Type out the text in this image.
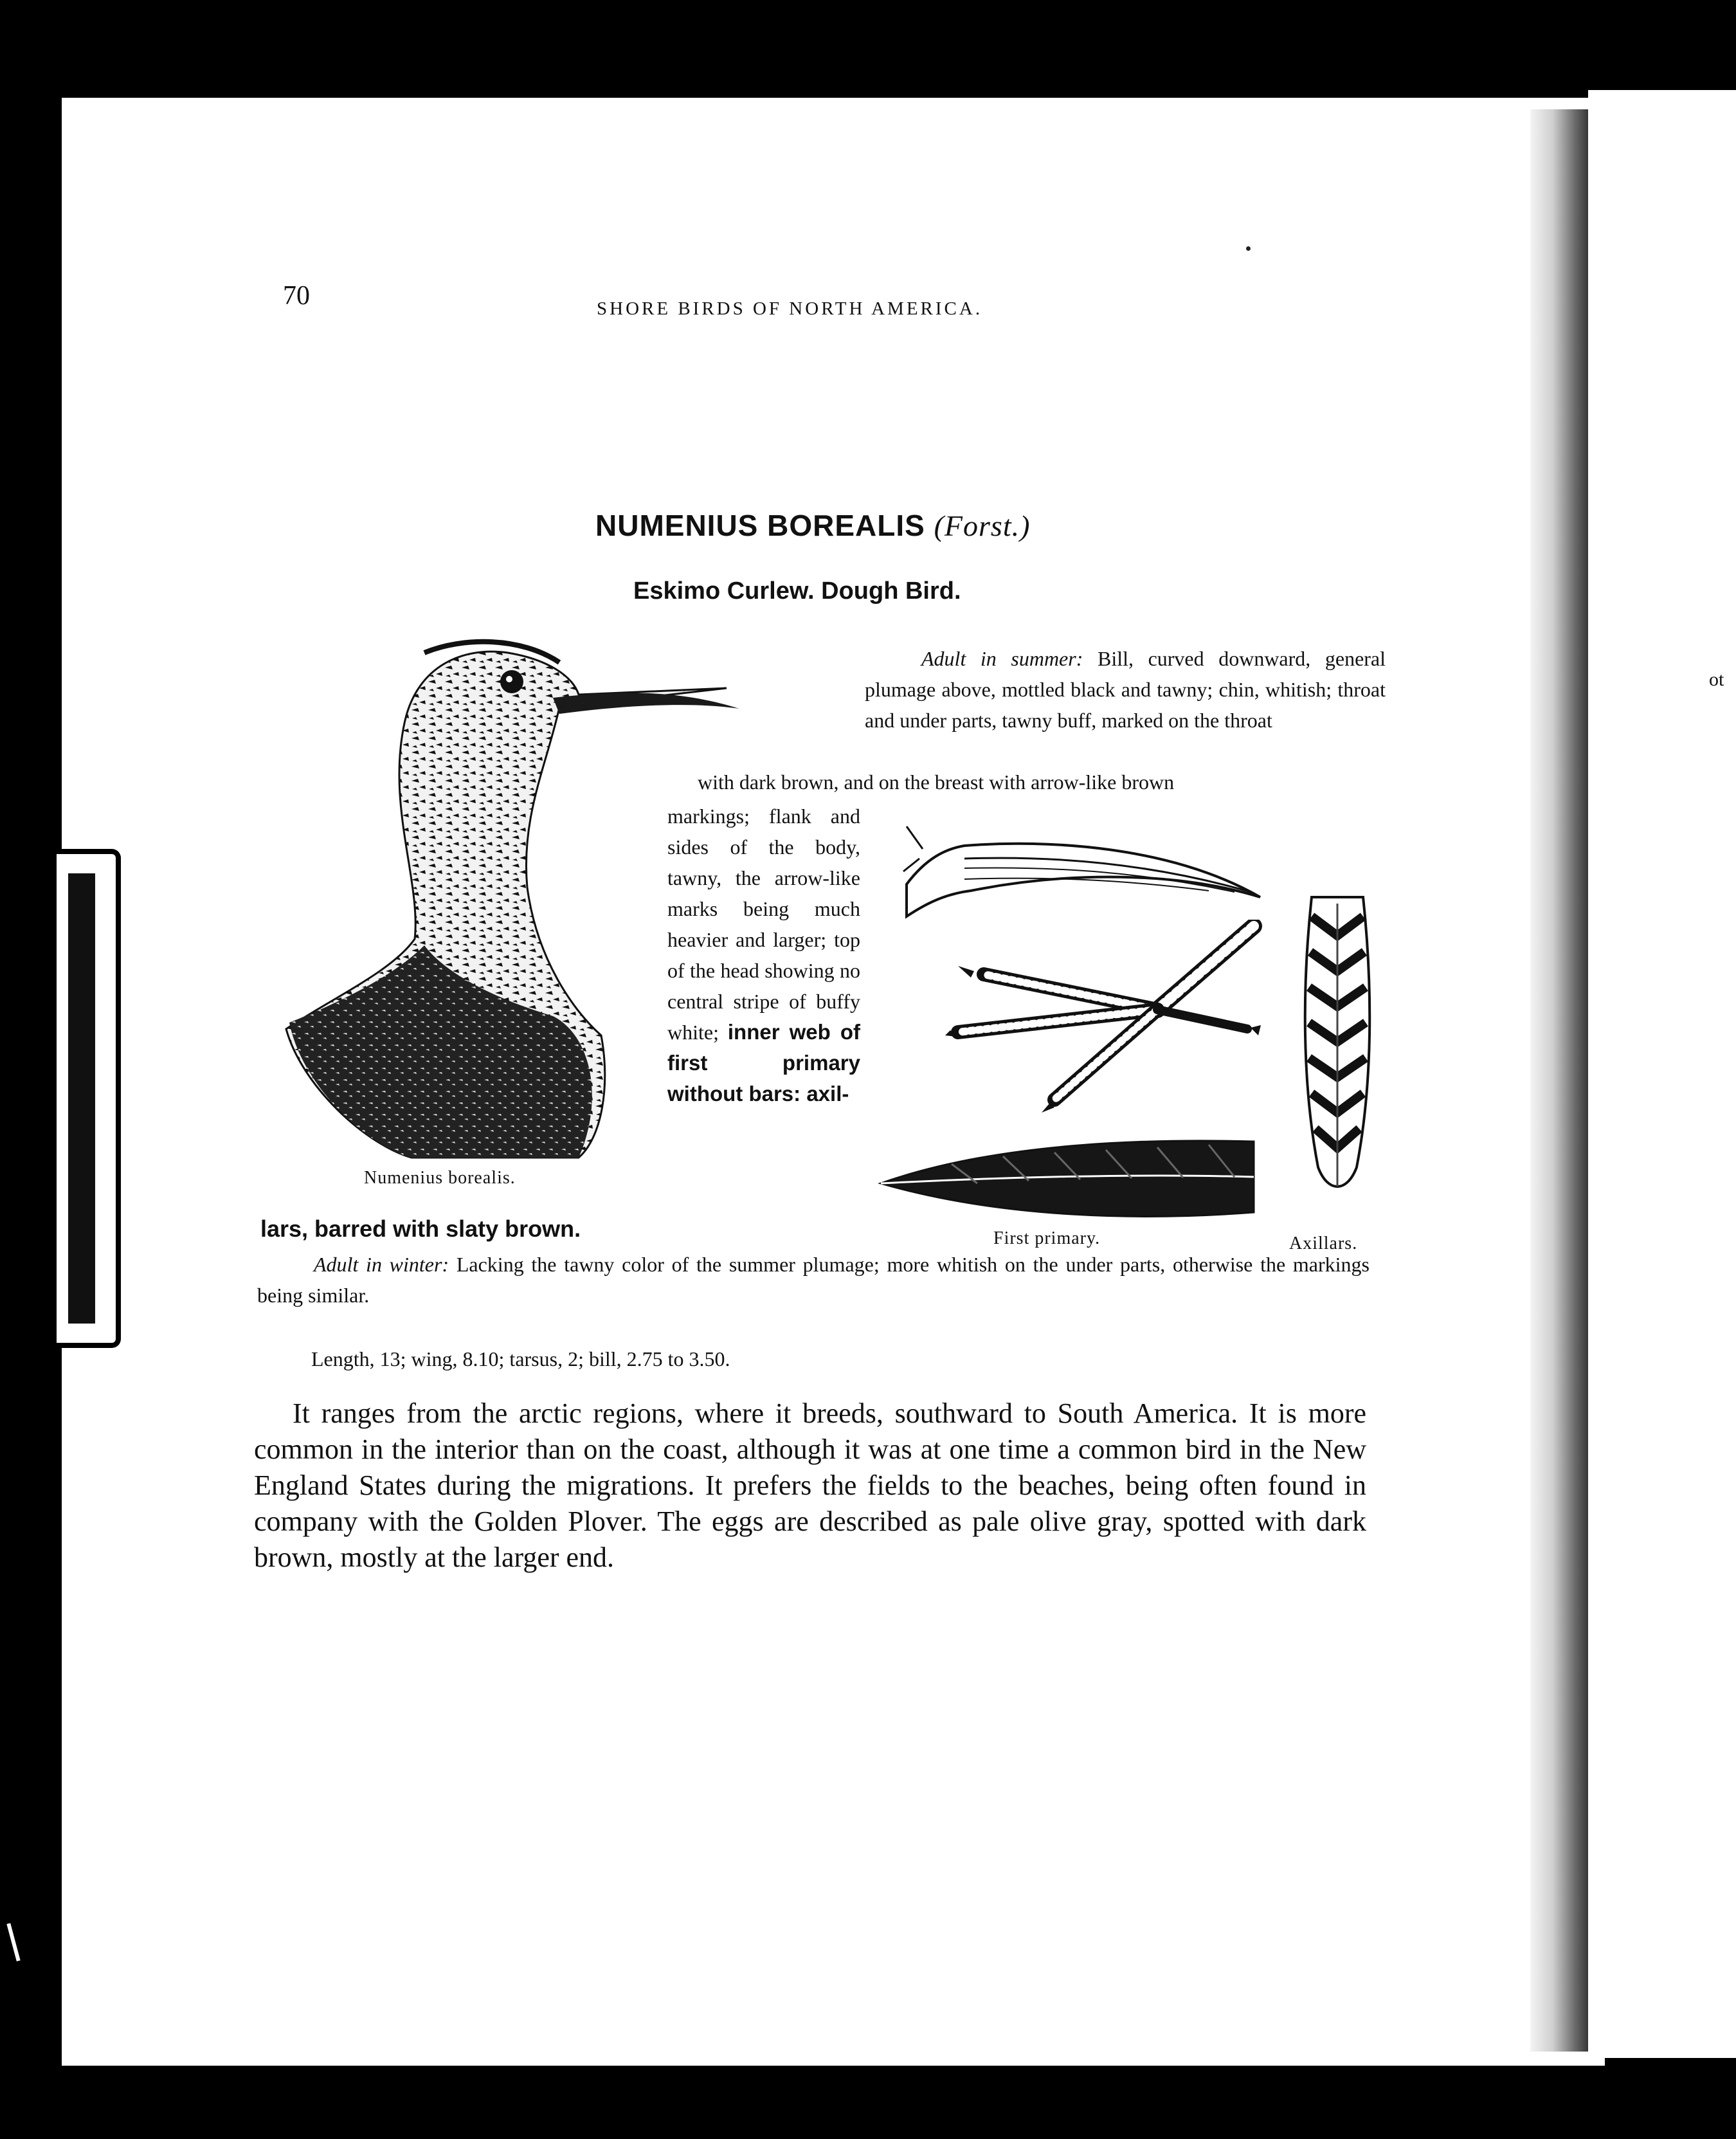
ot
70	SHORE BIRDS OF NORTH AMERICA.
NUMENIUS BOREALIS (Forst.)
Eskimo Curlew. Dough Bird.
Adult in summer: Bill, curved downward, general plumage above, mottled black and tawny; chin, whitish; throat and under parts, tawny buff, marked on the throat
with dark brown, and on the breast with arrow-like brown
markings; flank and sides of the body, tawny, the arrow-like marks being much heavier and larger; top of the head showing no central stripe of buffy white; inner web of first primary without bars: axil-
lars, barred with slaty brown.
Numenius borealis.
First primary.	Axillars.
Adult in winter: Lacking the tawny color of the summer plumage; more whitish on the under parts, otherwise the markings being similar.
Length, 13; wing, 8.10; tarsus, 2; bill, 2.75 to 3.50.
It ranges from the arctic regions, where it breeds, southward to South America. It is more common in the interior than on the coast, although it was at one time a common bird in the New England States during the migrations. It prefers the fields to the beaches, being often found in company with the Golden Plover. The eggs are described as pale olive gray, spotted with dark brown, mostly at the larger end.
